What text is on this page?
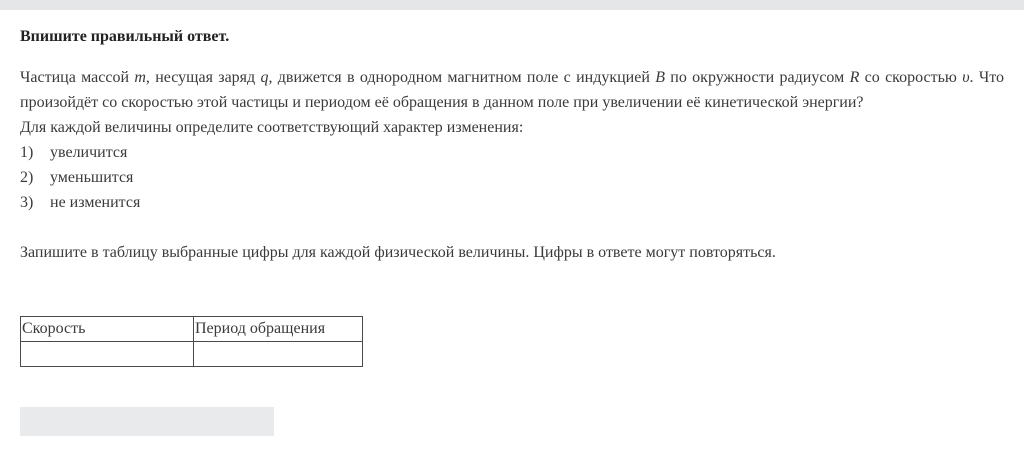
Впишите правильный ответ.
Частица массой m, несущая заряд q, движется в однородном магнитном поле с индукцией B по окружности радиусом R со скоростью υ. Что произойдёт со скоростью этой частицы и периодом её обращения в данном поле при увеличении её кинетической энергии?
Для каждой величины определите соответствующий характер изменения:
1) увеличится
2) уменьшится
3) не изменится
Запишите в таблицу выбранные цифры для каждой физической величины. Цифры в ответе могут повторяться.
Скорость	Период обращения
